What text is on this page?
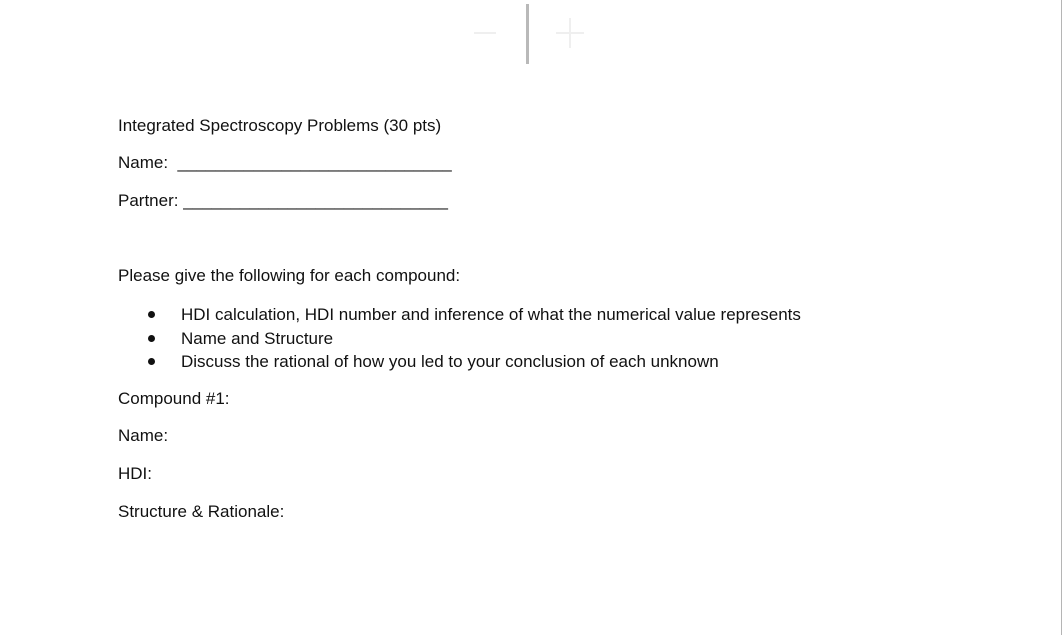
Integrated Spectroscopy Problems (30 pts)
Name:  _____________________________
Partner: ____________________________
Please give the following for each compound:
HDI calculation, HDI number and inference of what the numerical value represents
Name and Structure
Discuss the rational of how you led to your conclusion of each unknown
Compound #1:
Name:
HDI:
Structure & Rationale:
